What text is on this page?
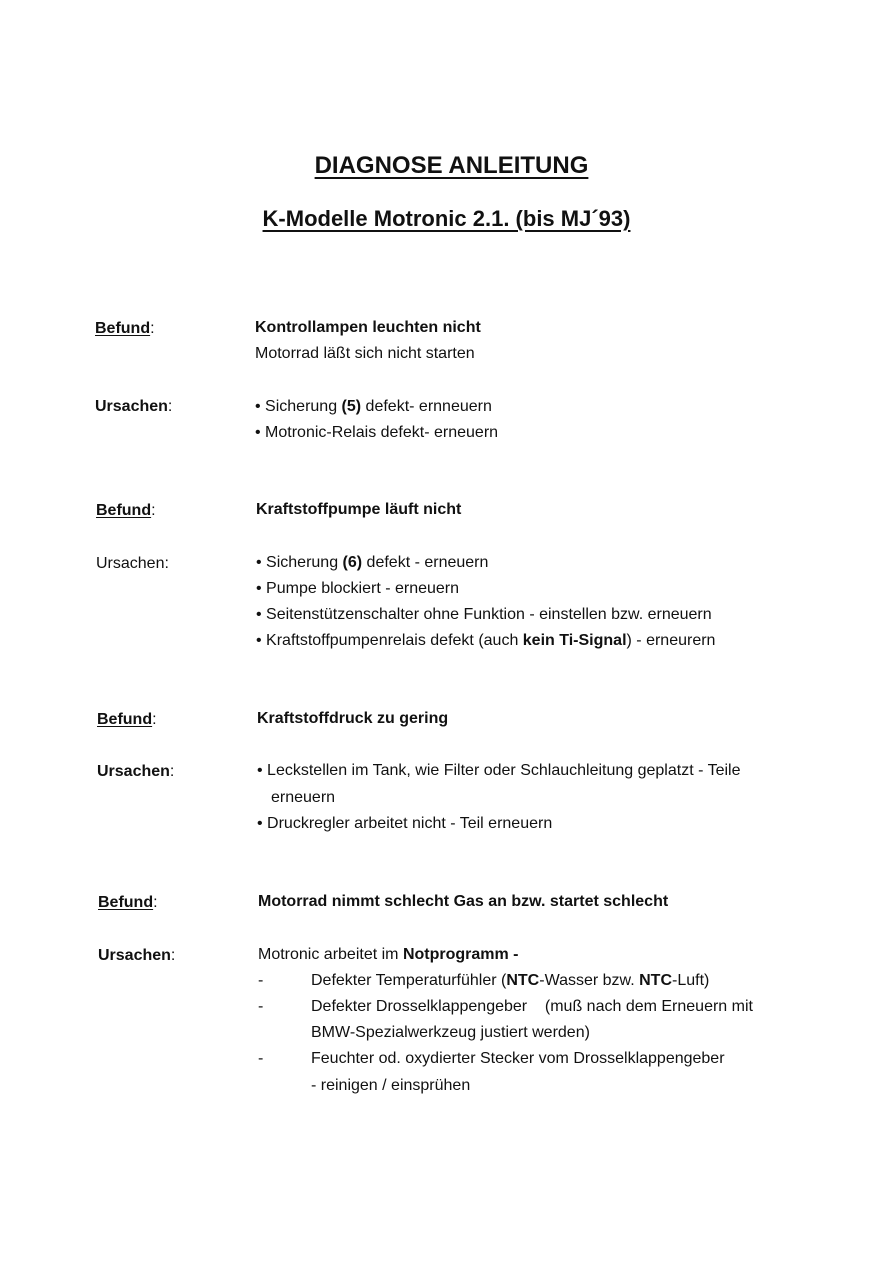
DIAGNOSE ANLEITUNG
K-Modelle Motronic 2.1. (bis MJ´93)
Befund:	Kontrollampen leuchten nicht
Motorrad läßt sich nicht starten
Ursachen:	• Sicherung (5) defekt- ernneuern
• Motronic-Relais defekt- erneuern
Befund:	Kraftstoffpumpe läuft nicht
Ursachen:	• Sicherung (6) defekt - erneuern
• Pumpe blockiert - erneuern
• Seitenstützenschalter ohne Funktion - einstellen bzw. erneuern
• Kraftstoffpumpenrelais defekt (auch kein Ti-Signal) - erneurern
Befund:	Kraftstoffdruck zu gering
Ursachen:	• Leckstellen im Tank, wie Filter oder Schlauchleitung geplatzt - Teile
erneuern
• Druckregler arbeitet nicht - Teil erneuern
Befund:	Motorrad nimmt schlecht Gas an bzw. startet schlecht
Ursachen:	Motronic arbeitet im Notprogramm -
-	Defekter Temperaturfühler (NTC-Wasser bzw. NTC-Luft)
-	Defekter Drosselklappengeber    (muß nach dem Erneuern mit
BMW-Spezialwerkzeug justiert werden)
-	Feuchter od. oxydierter Stecker vom Drosselklappengeber
- reinigen / einsprühen
